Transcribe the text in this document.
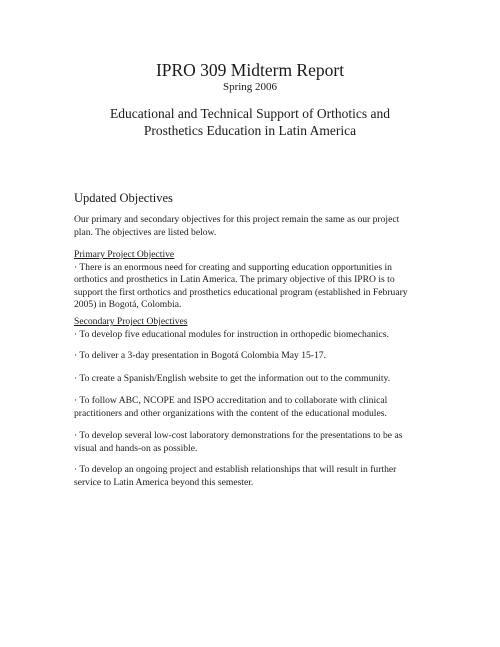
IPRO 309 Midterm Report
Spring 2006
Educational and Technical Support of Orthotics and
Prosthetics Education in Latin America
Updated Objectives
Our primary and secondary objectives for this project remain the same as our project
plan. The objectives are listed below.
Primary Project Objective
· There is an enormous need for creating and supporting education opportunities in
orthotics and prosthetics in Latin America. The primary objective of this IPRO is to
support the first orthotics and prosthetics educational program (established in February
2005) in Bogotá, Colombia.
Secondary Project Objectives
· To develop five educational modules for instruction in orthopedic biomechanics.
· To deliver a 3-day presentation in Bogotá Colombia May 15-17.
· To create a Spanish/English website to get the information out to the community.
· To follow ABC, NCOPE and ISPO accreditation and to collaborate with clinical
practitioners and other organizations with the content of the educational modules.
· To develop several low-cost laboratory demonstrations for the presentations to be as
visual and hands-on as possible.
· To develop an ongoing project and establish relationships that will result in further
service to Latin America beyond this semester.
